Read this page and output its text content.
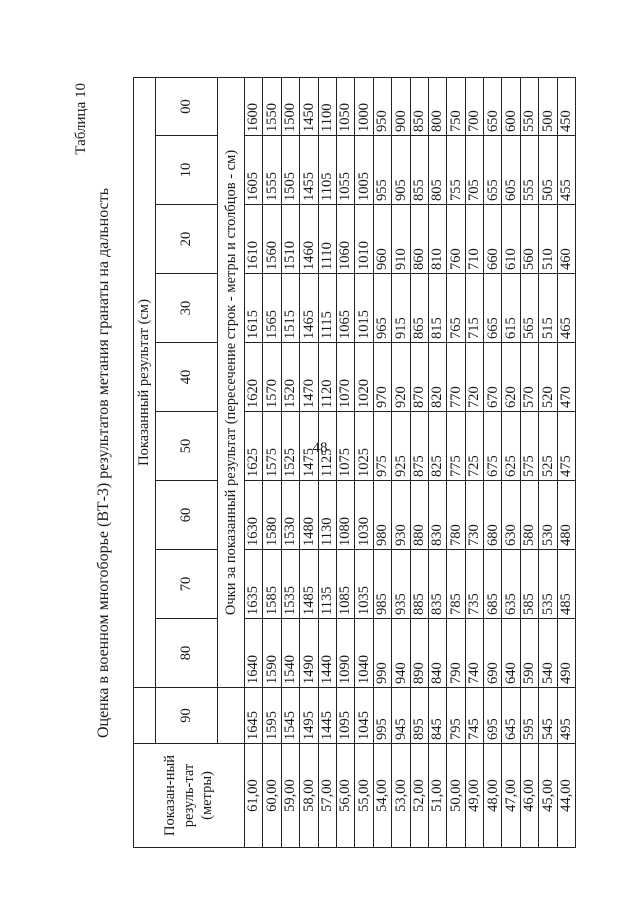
48
Таблица 10
Оценка в военном многоборье (ВТ-3) результатов метания гранаты на дальность
Показан-ный резуль-тат (метры)		Показанный результат (см)								
	90	80	70	60	50	40	30	20	10	00
		Очки за показанный результат (пересечение строк - метры и столбцов - см)								
61,00	1645	1640	1635	1630	1625	1620	1615	1610	1605	1600
60,00	1595	1590	1585	1580	1575	1570	1565	1560	1555	1550
59,00	1545	1540	1535	1530	1525	1520	1515	1510	1505	1500
58,00	1495	1490	1485	1480	1475	1470	1465	1460	1455	1450
57,00	1445	1440	1135	1130	1125	1120	1115	1110	1105	1100
56,00	1095	1090	1085	1080	1075	1070	1065	1060	1055	1050
55,00	1045	1040	1035	1030	1025	1020	1015	1010	1005	1000
54,00	995	990	985	980	975	970	965	960	955	950
53,00	945	940	935	930	925	920	915	910	905	900
52,00	895	890	885	880	875	870	865	860	855	850
51,00	845	840	835	830	825	820	815	810	805	800
50,00	795	790	785	780	775	770	765	760	755	750
49,00	745	740	735	730	725	720	715	710	705	700
48,00	695	690	685	680	675	670	665	660	655	650
47,00	645	640	635	630	625	620	615	610	605	600
46,00	595	590	585	580	575	570	565	560	555	550
45,00	545	540	535	530	525	520	515	510	505	500
44,00	495	490	485	480	475	470	465	460	455	450
